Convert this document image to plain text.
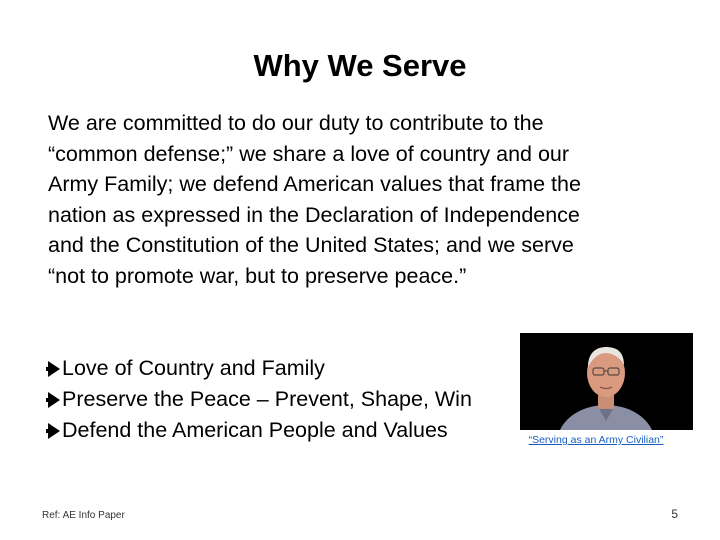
Why We Serve

We are committed to do our duty to contribute to the “common defense;” we share a love of country and our Army Family; we defend American values that frame the nation as expressed in the Declaration of Independence and the Constitution of the United States; and we serve “not to promote war, but to preserve peace.”

Love of Country and Family
Preserve the Peace – Prevent, Shape, Win
Defend the American People and Values	“Serving as an Army Civilian”
Ref: AE Info Paper	5
